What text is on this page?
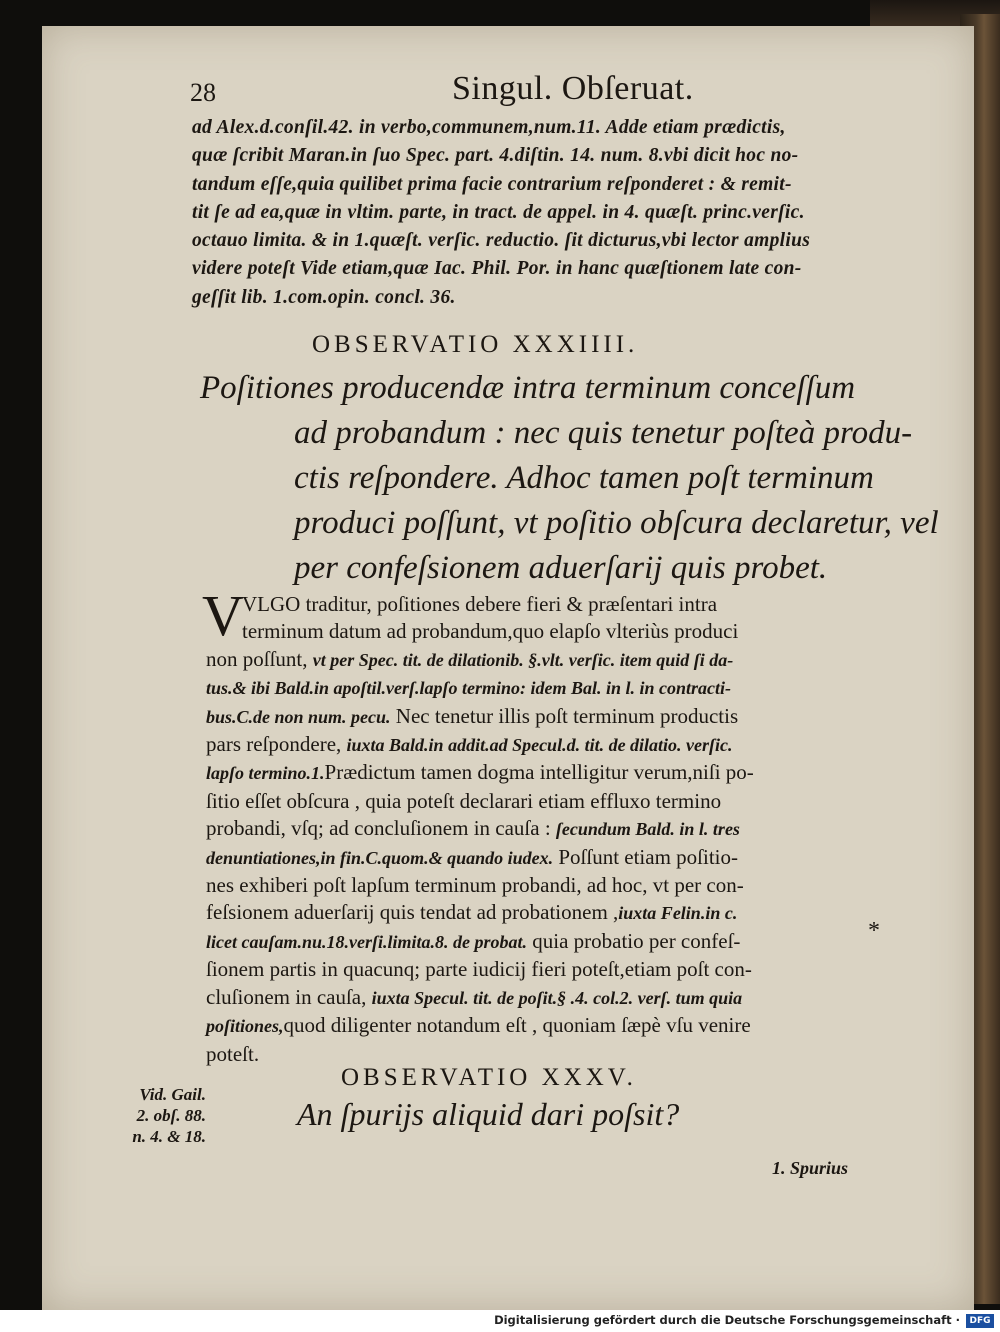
28	Singul. Obſeruat.
ad Alex.d.conſil.42. in verbo,communem,num.11. Adde etiam prædictis,
quæ ſcribit Maran.in ſuo Spec. part. 4.diſtin. 14. num. 8.vbi dicit hoc no-
tandum eſſe,quia quilibet prima facie contrarium reſponderet : & remit-
tit ſe ad ea,quæ in vltim. parte, in tract. de appel. in 4. quæſt. princ.verſic.
octauo limita. & in 1.quæſt. verſic. reductio. ſit dicturus,vbi lector amplius
videre poteſt Vide etiam,quæ Iac. Phil. Por. in hanc quæſtionem late con-
geſſit lib. 1.com.opin. concl. 36.
OBSERVATIO XXXIIII.
Poſitiones producendæ intra terminum conceſſum
ad probandum : nec quis tenetur poſteà produ-
ctis reſpondere. Adhoc tamen poſt terminum
produci poſſunt, vt poſitio obſcura declaretur, vel
per confeſsionem aduerſarij quis probet.
V
VLGO traditur, poſitiones debere fieri & præſentari intra
terminum datum ad probandum,quo elapſo vlteriùs produci
non poſſunt, vt per Spec. tit. de dilationib. §.vlt. verſic. item quid ſi da-
tus.& ibi Bald.in apoſtil.verſ.lapſo termino: idem Bal. in l. in contracti-
bus.C.de non num. pecu. Nec tenetur illis poſt terminum productis
pars reſpondere, iuxta Bald.in addit.ad Specul.d. tit. de dilatio. verſic.
lapſo termino.1.Prædictum tamen dogma intelligitur verum,niſi po-
ſitio eſſet obſcura , quia poteſt declarari etiam effluxo termino
probandi, vſq; ad concluſionem in cauſa : ſecundum Bald. in l. tres
denuntiationes,in fin.C.quom.& quando iudex. Poſſunt etiam poſitio-
nes exhiberi poſt lapſum terminum probandi, ad hoc, vt per con-
feſsionem aduerſarij quis tendat ad probationem ,iuxta Felin.in c.
licet cauſam.nu.18.verſi.limita.8. de probat. quia probatio per confeſ-
ſionem partis in quacunq; parte iudicij fieri poteſt,etiam poſt con-
cluſionem in cauſa, iuxta Specul. tit. de poſit.§ .4. col.2. verſ. tum quia
poſitiones,quod diligenter notandum eſt , quoniam ſæpè vſu venire
poteſt.
*
OBSERVATIO XXXV.
Vid. Gail.
2. obſ. 88.
n. 4. & 18.
An ſpurijs aliquid dari poſsit?
1. Spurius
Digitalisierung gefördert durch die Deutsche Forschungsgemeinschaft ·	DFG
